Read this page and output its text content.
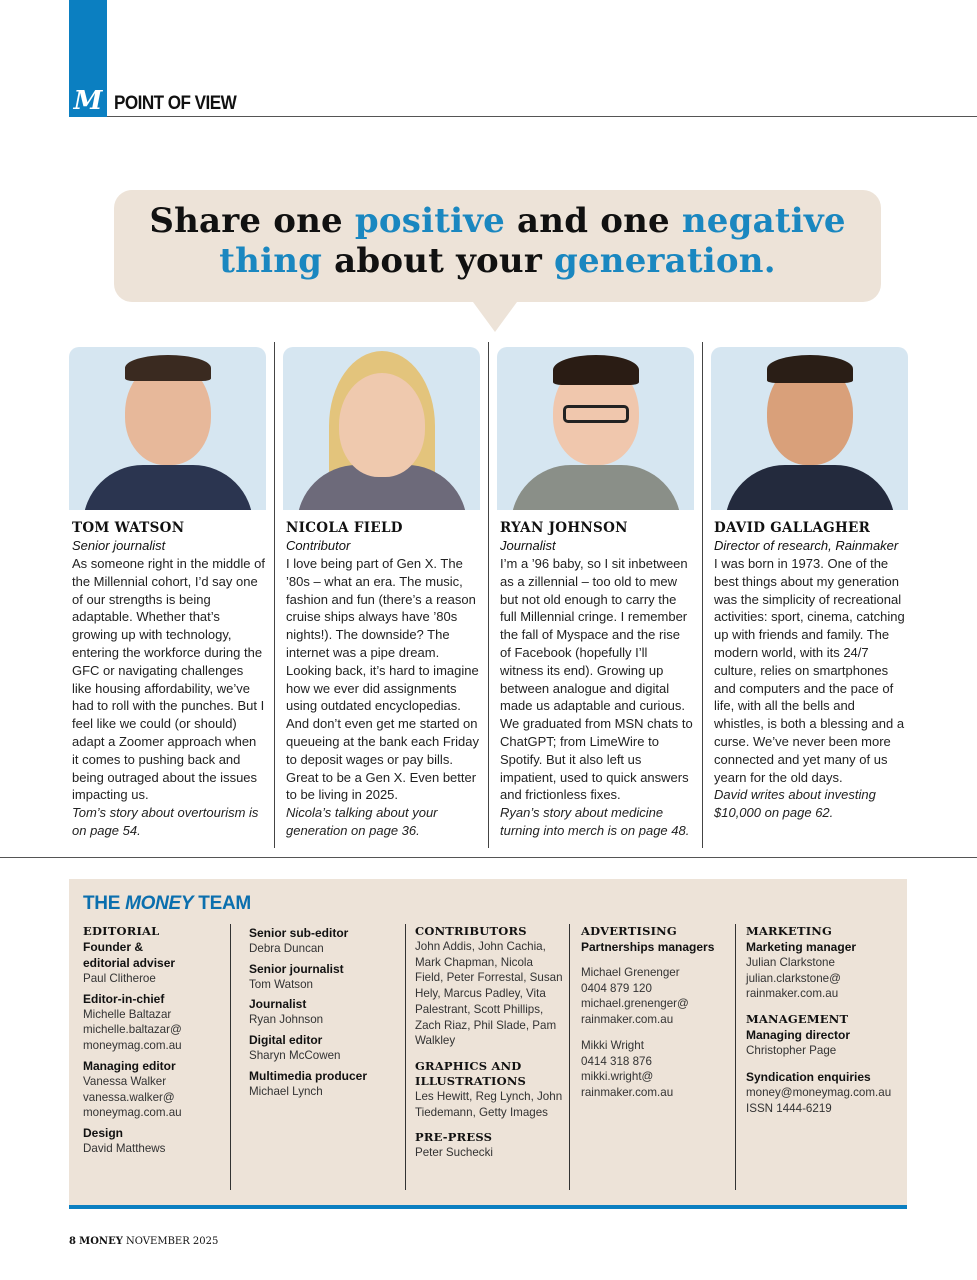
M POINT OF VIEW
Share one positive and one negative
thing about your generation.
TOM WATSON
Senior journalist
As someone right in the middle of the Millennial cohort, I’d say one of our strengths is being adaptable. Whether that’s growing up with technology, entering the workforce during the GFC or navigating challenges like housing affordability, we’ve had to roll with the punches. But I feel like we could (or should) adapt a Zoomer approach when it comes to pushing back and being outraged about the issues impacting us.
Tom’s story about overtourism is on page 54.
NICOLA FIELD
Contributor
I love being part of Gen X. The ’80s – what an era. The music, fashion and fun (there’s a reason cruise ships always have ’80s nights!). The downside? The internet was a pipe dream. Looking back, it’s hard to imagine how we ever did assignments using outdated encyclopedias. And don’t even get me started on queueing at the bank each Friday to deposit wages or pay bills. Great to be a Gen X. Even better to be living in 2025.
Nicola’s talking about your generation on page 36.
RYAN JOHNSON
Journalist
I’m a ’96 baby, so I sit inbetween as a zillennial – too old to mew but not old enough to carry the full Millennial cringe. I remember the fall of Myspace and the rise of Facebook (hopefully I’ll witness its end). Growing up between analogue and digital made us adaptable and curious. We graduated from MSN chats to ChatGPT; from LimeWire to Spotify. But it also left us impatient, used to quick answers and frictionless fixes.
Ryan’s story about medicine turning into merch is on page 48.
DAVID GALLAGHER
Director of research, Rainmaker
I was born in 1973. One of the best things about my generation was the simplicity of recreational activities: sport, cinema, catching up with friends and family. The modern world, with its 24/7 culture, relies on smartphones and computers and the pace of life, with all the bells and whistles, is both a blessing and a curse. We’ve never been more connected and yet many of us yearn for the old days.
David writes about investing $10,000 on page 62.
THE MONEY TEAM
EDITORIAL
Founder & editorial adviser
Paul Clitheroe
Editor-in-chief
Michelle Baltazar
michelle.baltazar@ moneymag.com.au
Managing editor
Vanessa Walker
vanessa.walker@ moneymag.com.au
Design
David Matthews
Senior sub-editor
Debra Duncan
Senior journalist
Tom Watson
Journalist
Ryan Johnson
Digital editor
Sharyn McCowen
Multimedia producer
Michael Lynch
CONTRIBUTORS
John Addis, John Cachia, Mark Chapman, Nicola Field, Peter Forrestal, Susan Hely, Marcus Padley, Vita Palestrant, Scott Phillips, Zach Riaz, Phil Slade, Pam Walkley
GRAPHICS AND ILLUSTRATIONS
Les Hewitt, Reg Lynch, John Tiedemann, Getty Images
PRE-PRESS
Peter Suchecki
ADVERTISING
Partnerships managers
Michael Grenenger
0404 879 120
michael.grenenger@ rainmaker.com.au
Mikki Wright
0414 318 876
mikki.wright@ rainmaker.com.au
MARKETING
Marketing manager
Julian Clarkstone
julian.clarkstone@ rainmaker.com.au
MANAGEMENT
Managing director
Christopher Page
Syndication enquiries
money@moneymag.com.au
ISSN 1444-6219
8 MONEY NOVEMBER 2025
